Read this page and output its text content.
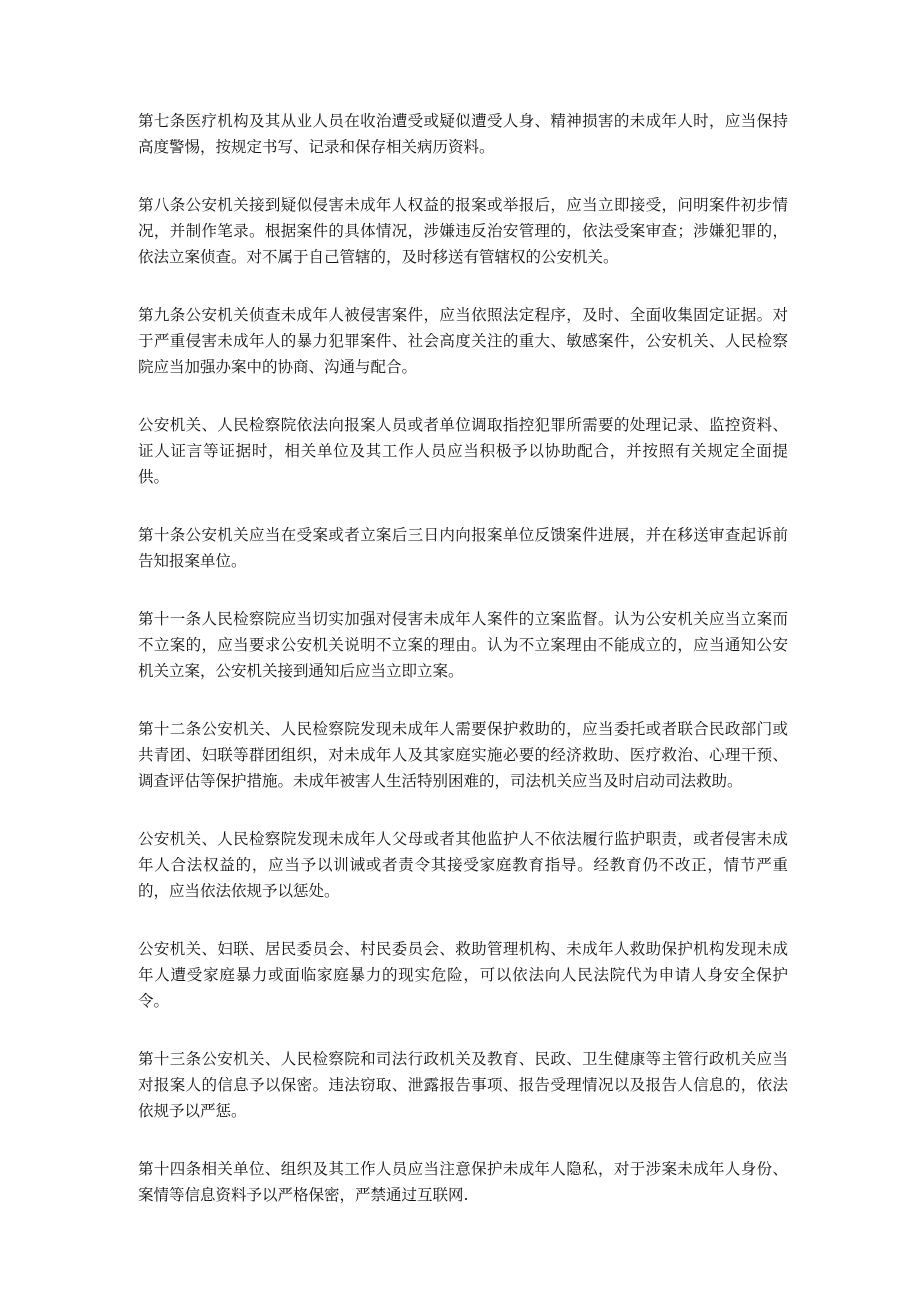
第七条医疗机构及其从业人员在收治遭受或疑似遭受人身、精神损害的未成年人时，应当保持高度警惕，按规定书写、记录和保存相关病历资料。

第八条公安机关接到疑似侵害未成年人权益的报案或举报后，应当立即接受，问明案件初步情况，并制作笔录。根据案件的具体情况，涉嫌违反治安管理的，依法受案审查；涉嫌犯罪的，依法立案侦查。对不属于自己管辖的，及时移送有管辖权的公安机关。

第九条公安机关侦查未成年人被侵害案件，应当依照法定程序，及时、全面收集固定证据。对于严重侵害未成年人的暴力犯罪案件、社会高度关注的重大、敏感案件，公安机关、人民检察院应当加强办案中的协商、沟通与配合。

公安机关、人民检察院依法向报案人员或者单位调取指控犯罪所需要的处理记录、监控资料、证人证言等证据时，相关单位及其工作人员应当积极予以协助配合，并按照有关规定全面提供。

第十条公安机关应当在受案或者立案后三日内向报案单位反馈案件进展，并在移送审查起诉前告知报案单位。

第十一条人民检察院应当切实加强对侵害未成年人案件的立案监督。认为公安机关应当立案而不立案的，应当要求公安机关说明不立案的理由。认为不立案理由不能成立的，应当通知公安机关立案，公安机关接到通知后应当立即立案。

第十二条公安机关、人民检察院发现未成年人需要保护救助的，应当委托或者联合民政部门或共青团、妇联等群团组织，对未成年人及其家庭实施必要的经济救助、医疗救治、心理干预、调查评估等保护措施。未成年被害人生活特别困难的，司法机关应当及时启动司法救助。

公安机关、人民检察院发现未成年人父母或者其他监护人不依法履行监护职责，或者侵害未成年人合法权益的，应当予以训诫或者责令其接受家庭教育指导。经教育仍不改正，情节严重的，应当依法依规予以惩处。

公安机关、妇联、居民委员会、村民委员会、救助管理机构、未成年人救助保护机构发现未成年人遭受家庭暴力或面临家庭暴力的现实危险，可以依法向人民法院代为申请人身安全保护令。

第十三条公安机关、人民检察院和司法行政机关及教育、民政、卫生健康等主管行政机关应当对报案人的信息予以保密。违法窃取、泄露报告事项、报告受理情况以及报告人信息的，依法依规予以严惩。

第十四条相关单位、组织及其工作人员应当注意保护未成年人隐私，对于涉案未成年人身份、案情等信息资料予以严格保密，严禁通过互联网.
